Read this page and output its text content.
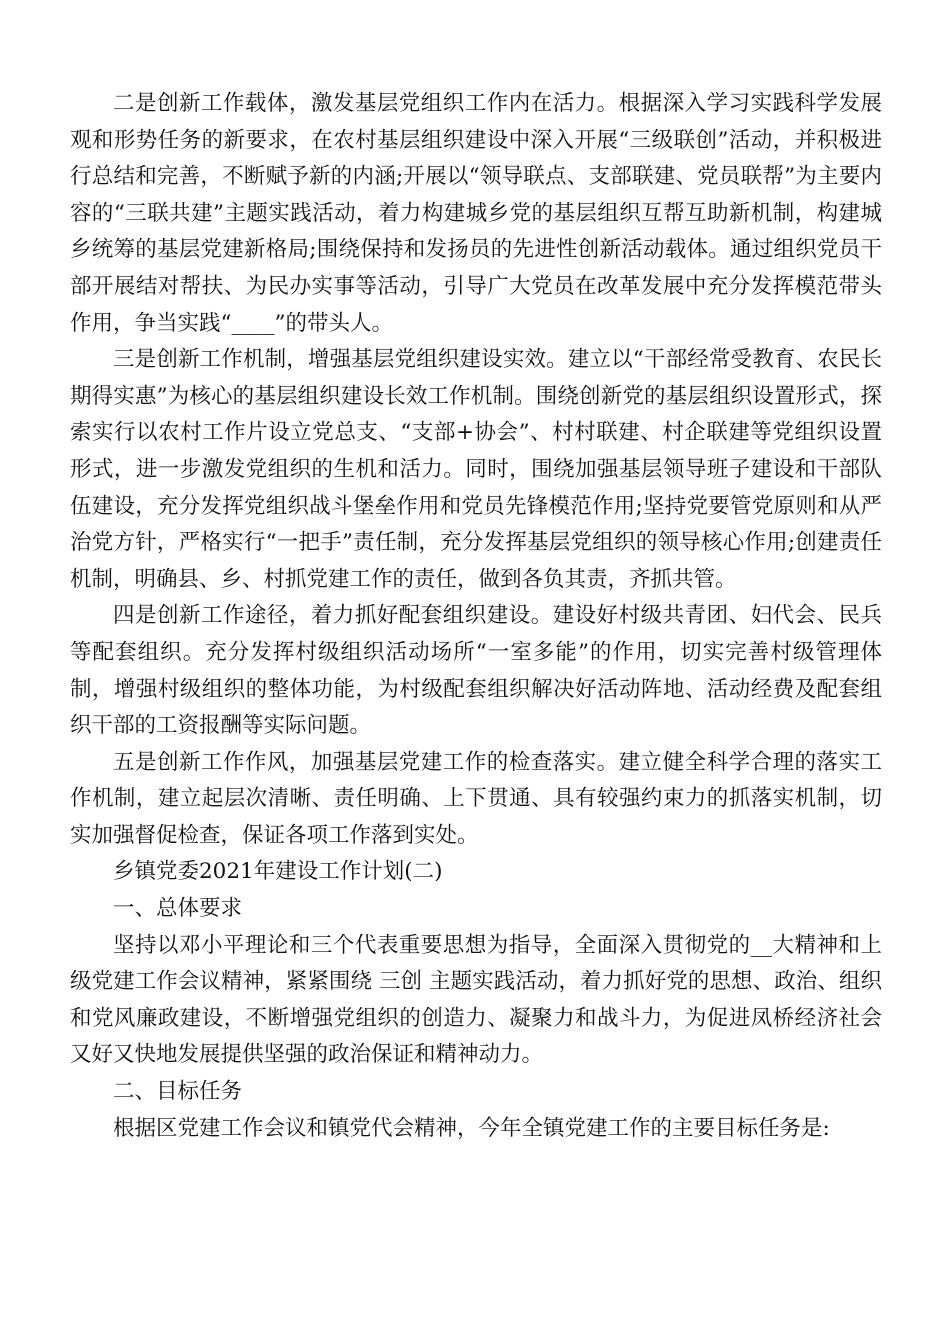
二是创新工作载体，激发基层党组织工作内在活力。根据深入学习实践科学发展观和形势任务的新要求，在农村基层组织建设中深入开展“三级联创”活动，并积极进行总结和完善，不断赋予新的内涵;开展以“领导联点、支部联建、党员联帮”为主要内容的“三联共建”主题实践活动，着力构建城乡党的基层组织互帮互助新机制，构建城乡统筹的基层党建新格局;围绕保持和发扬员的先进性创新活动载体。通过组织党员干部开展结对帮扶、为民办实事等活动，引导广大党员在改革发展中充分发挥模范带头作用，争当实践“____”的带头人。

三是创新工作机制，增强基层党组织建设实效。建立以“干部经常受教育、农民长期得实惠”为核心的基层组织建设长效工作机制。围绕创新党的基层组织设置形式，探索实行以农村工作片设立党总支、“支部+协会”、村村联建、村企联建等党组织设置形式，进一步激发党组织的生机和活力。同时，围绕加强基层领导班子建设和干部队伍建设，充分发挥党组织战斗堡垒作用和党员先锋模范作用;坚持党要管党原则和从严治党方针，严格实行“一把手”责任制，充分发挥基层党组织的领导核心作用;创建责任机制，明确县、乡、村抓党建工作的责任，做到各负其责，齐抓共管。

四是创新工作途径，着力抓好配套组织建设。建设好村级共青团、妇代会、民兵等配套组织。充分发挥村级组织活动场所“一室多能”的作用，切实完善村级管理体制，增强村级组织的整体功能，为村级配套组织解决好活动阵地、活动经费及配套组织干部的工资报酬等实际问题。

五是创新工作作风，加强基层党建工作的检查落实。建立健全科学合理的落实工作机制，建立起层次清晰、责任明确、上下贯通、具有较强约束力的抓落实机制，切实加强督促检查，保证各项工作落到实处。

乡镇党委2021年建设工作计划(二)

一、总体要求

坚持以邓小平理论和三个代表重要思想为指导，全面深入贯彻党的__大精神和上级党建工作会议精神，紧紧围绕 三创 主题实践活动，着力抓好党的思想、政治、组织和党风廉政建设，不断增强党组织的创造力、凝聚力和战斗力，为促进凤桥经济社会又好又快地发展提供坚强的政治保证和精神动力。

二、目标任务

根据区党建工作会议和镇党代会精神，今年全镇党建工作的主要目标任务是:
